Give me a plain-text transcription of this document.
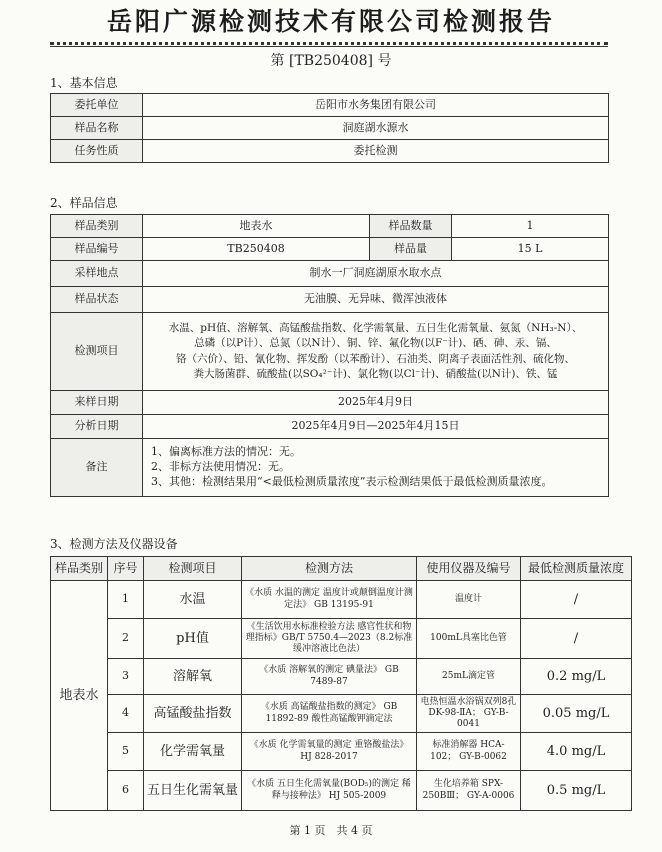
岳阳广源检测技术有限公司检测报告
第 [TB250408] 号
1、基本信息
委托单位	岳阳市水务集团有限公司
样品名称	洞庭湖水源水
任务性质	委托检测
2、样品信息
样品类别	地表水	样品数量	1
样品编号	TB250408	样品量	15 L
采样地点	制水一厂洞庭湖原水取水点		
样品状态	无油膜、无异味、微浑浊液体		
检测项目	水温、pH值、溶解氧、高锰酸盐指数、化学需氧量、五日生化需氧量、氨氮（NH₃-N）、
总磷（以P计）、总氮（以N计）、铜、锌、氟化物(以F⁻计)、硒、砷、汞、镉、
铬（六价）、铅、氰化物、挥发酚（以苯酚计）、石油类、阴离子表面活性剂、硫化物、
粪大肠菌群、硫酸盐(以SO₄²⁻计)、氯化物(以Cl⁻计)、硝酸盐(以N计)、铁、锰		

来样日期	2025年4月9日		
分析日期	2025年4月9日—2025年4月15日		
备注	1、偏离标准方法的情况：无。
2、非标方法使用情况：无。
3、其他：检测结果用“<最低检测质量浓度”表示检测结果低于最低检测质量浓度。		
3、检测方法及仪器设备
样品类别	序号	检测项目	检测方法	使用仪器及编号	最低检测质量浓度
地表水	1	水温	《水质 水温的测定 温度计或颠倒温度计测定法》 GB 13195-91	温度计	/
	2	pH值	《生活饮用水标准检验方法 感官性状和物理指标》GB/T 5750.4—2023（8.2标准缓冲溶液比色法）	100mL具塞比色管	/
	3	溶解氧	《水质 溶解氧的测定 碘量法》 GB 7489-87	25mL滴定管	0.2 mg/L
	4	高锰酸盐指数	《水质 高锰酸盐指数的测定》 GB 11892-89 酸性高锰酸钾滴定法	电热恒温水浴锅双列8孔 DK-98-ⅡA； GY-B-0041	0.05 mg/L
	5	化学需氧量	《水质 化学需氧量的测定 重铬酸盐法》 HJ 828-2017	标准消解器 HCA-102； GY-B-0062	4.0 mg/L
	6	五日生化需氧量	《水质 五日生化需氧量(BOD₅)的测定 稀释与接种法》 HJ 505-2009	生化培养箱 SPX-250BⅢ； GY-A-0006	0.5 mg/L
第 1 页　共 4 页
